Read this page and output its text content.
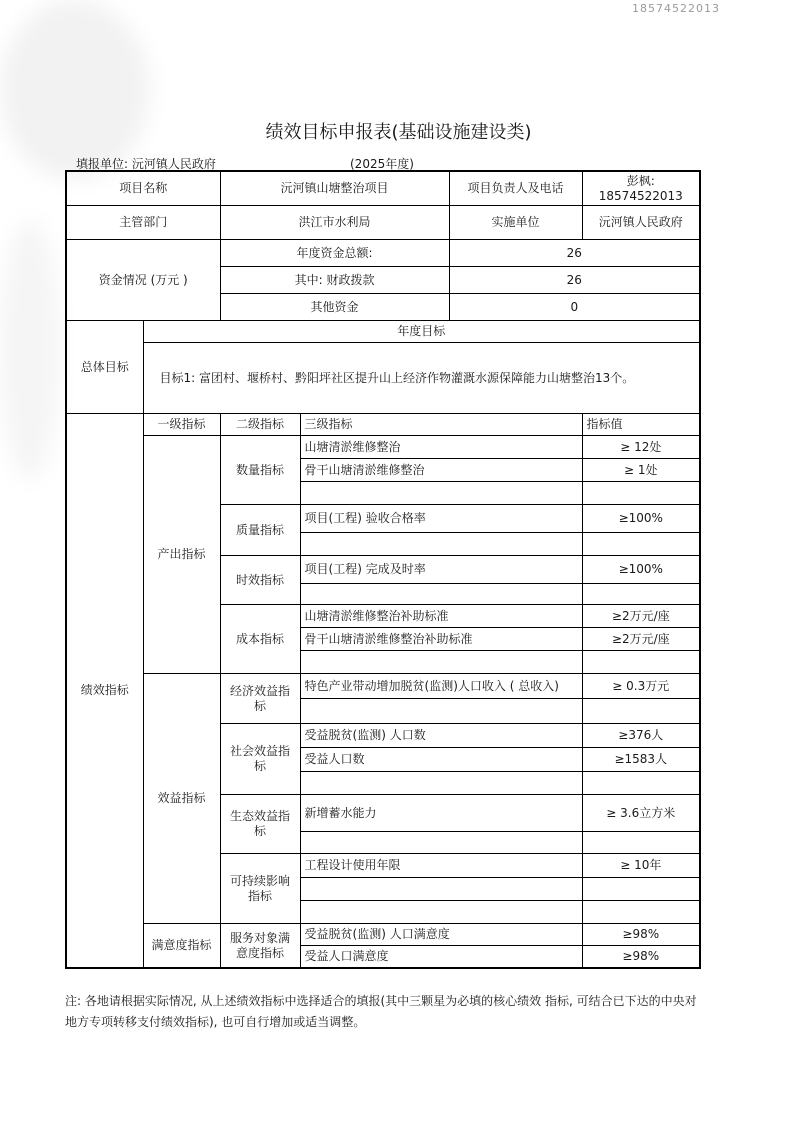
18574522013
绩效目标申报表(基础设施建设类)
填报单位: 沅河镇人民政府	(2025年度)
项目名称		沅河镇山塘整治项目		项目负责人及电话	彭枫: 18574522013
主管部门		洪江市水利局		实施单位	沅河镇人民政府
资金情况 (万元 )		年度资金总额:		26	
		其中: 财政拨款		26	
		其他资金		0	
总体目标	年度目标				
	目标1: 富团村、堰桥村、黔阳坪社区提升山上经济作物灌溉水源保障能力山塘整治13个。				
绩效指标	一级指标	二级指标	三级指标		指标值
	产出指标	数量指标	山塘清淤维修整治		≥ 12处
			骨干山塘清淤维修整治		≥ 1处

		质量指标	项目(工程) 验收合格率		≥100%

		时效指标	项目(工程) 完成及时率		≥100%

		成本指标	山塘清淤维修整治补助标准		≥2万元/座
			骨干山塘清淤维修整治补助标准		≥2万元/座

	效益指标	经济效益指标	特色产业带动增加脱贫(监测)人口收入 ( 总收入)		≥ 0.3万元

		社会效益指标	受益脱贫(监测) 人口数		≥376人
			受益人口数		≥1583人

		生态效益指标	新增蓄水能力		≥ 3.6立方米

		可持续影响指标	工程设计使用年限		≥ 10年

	满意度指标	服务对象满意度指标	受益脱贫(监测) 人口满意度		≥98%
			受益人口满意度		≥98%
注: 各地请根据实际情况, 从上述绩效指标中选择适合的填报(其中三颗星为必填的核心绩效 指标, 可结合已下达的中央对地方专项转移支付绩效指标), 也可自行增加或适当调整。
